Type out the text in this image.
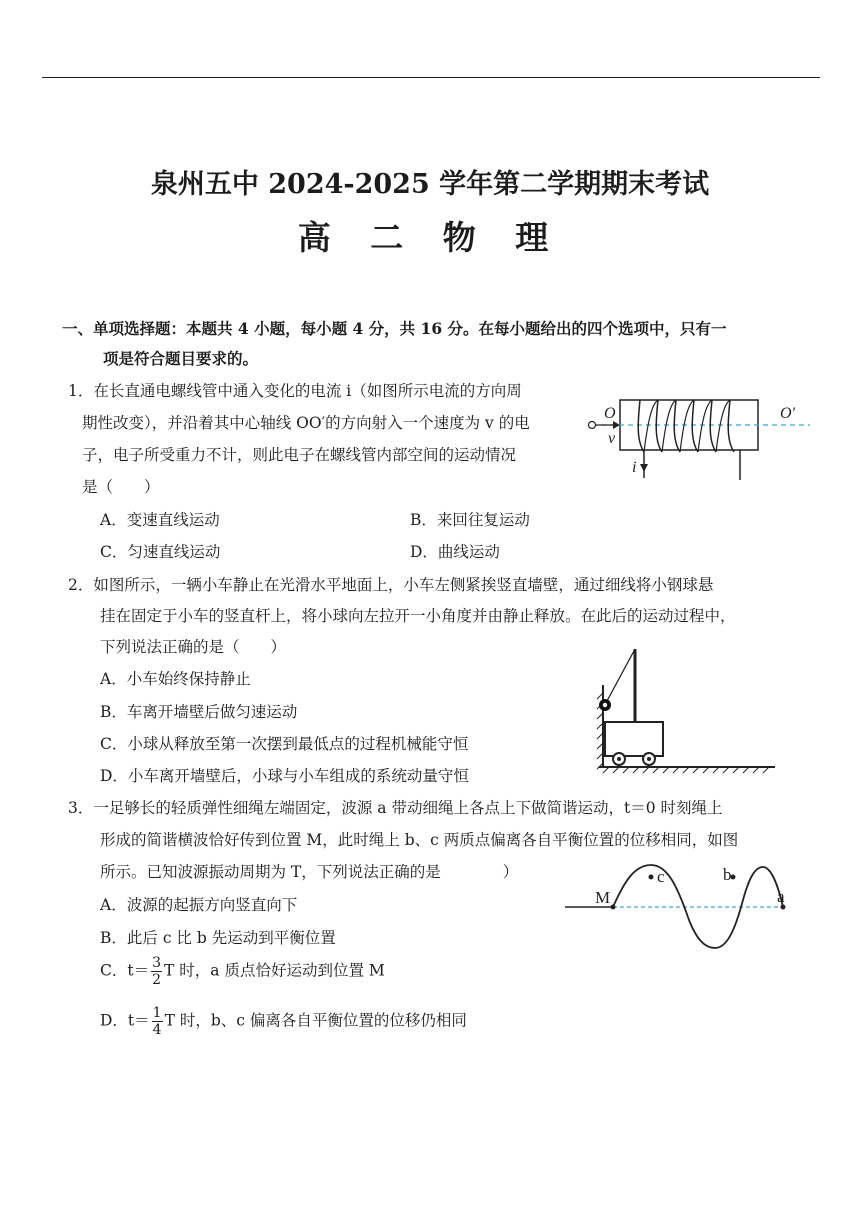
泉州五中 2024-2025 学年第二学期期末考试
高 二 物 理
一、单项选择题：本题共 4 小题，每小题 4 分，共 16 分。在每小题给出的四个选项中，只有一
项是符合题目要求的。
1．在长直通电螺线管中通入变化的电流 i（如图所示电流的方向周
期性改变），并沿着其中心轴线 OO′的方向射入一个速度为 v 的电
子，电子所受重力不计，则此电子在螺线管内部空间的运动情况
是（　　）
A．变速直线运动	B．来回往复运动
C．匀速直线运动	D．曲线运动
O	O′
v
i
2．如图所示，一辆小车静止在光滑水平地面上，小车左侧紧挨竖直墙壁，通过细线将小钢球悬
挂在固定于小车的竖直杆上，将小球向左拉开一小角度并由静止释放。在此后的运动过程中，
下列说法正确的是（　　）
A．小车始终保持静止
B．车离开墙壁后做匀速运动
C．小球从释放至第一次摆到最低点的过程机械能守恒
D．小车离开墙壁后，小球与小车组成的系统动量守恒
3．一足够长的轻质弹性细绳左端固定，波源 a 带动细绳上各点上下做简谐运动，t＝0 时刻绳上
形成的简谐横波恰好传到位置 M，此时绳上 b、c 两质点偏离各自平衡位置的位移相同，如图
所示。已知波源振动周期为 T，下列说法正确的是　　　　）
A．波源的起振方向竖直向下
B．此后 c 比 b 先运动到平衡位置
C．$t= \frac{3}{2}$ T 时，a 质点恰好运动到位置 M
D．$t= \frac{1}{4}$ T 时，b、c 偏离各自平衡位置的位移仍相同
M
c	b
a
